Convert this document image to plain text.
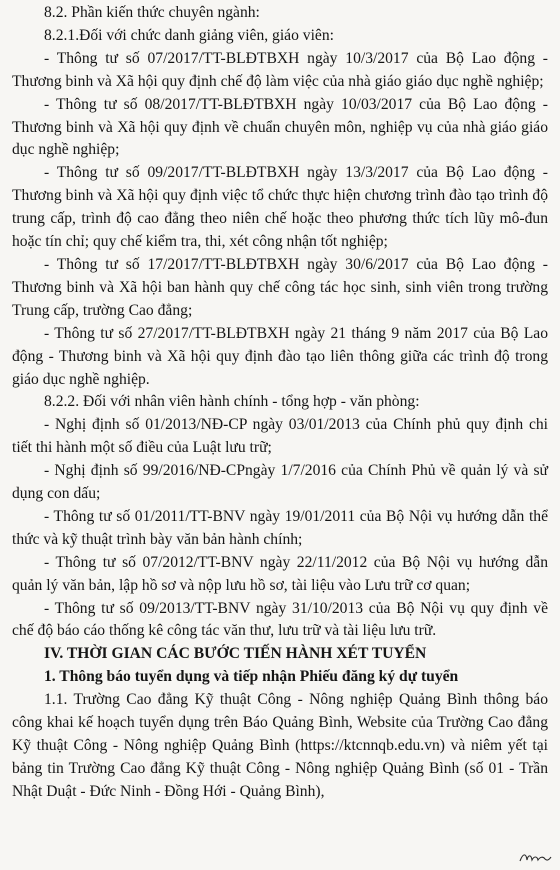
8.2. Phần kiến thức chuyên ngành:

8.2.1.Đối với chức danh giảng viên, giáo viên:

- Thông tư số 07/2017/TT-BLĐTBXH ngày 10/3/2017 của Bộ Lao động - Thương binh và Xã hội quy định chế độ làm việc của nhà giáo giáo dục nghề nghiệp;

- Thông tư số 08/2017/TT-BLĐTBXH ngày 10/03/2017 của Bộ Lao động - Thương binh và Xã hội quy định về chuẩn chuyên môn, nghiệp vụ của nhà giáo giáo dục nghề nghiệp;

- Thông tư số 09/2017/TT-BLĐTBXH ngày 13/3/2017 của Bộ Lao động - Thương binh và Xã hội quy định việc tổ chức thực hiện chương trình đào tạo trình độ trung cấp, trình độ cao đẳng theo niên chế hoặc theo phương thức tích lũy mô-đun hoặc tín chỉ; quy chế kiểm tra, thi, xét công nhận tốt nghiệp;

- Thông tư số 17/2017/TT-BLĐTBXH ngày 30/6/2017 của Bộ Lao động - Thương binh và Xã hội ban hành quy chế công tác học sinh, sinh viên trong trường Trung cấp, trường Cao đẳng;

- Thông tư số 27/2017/TT-BLĐTBXH ngày 21 tháng 9 năm 2017 của Bộ Lao động - Thương binh và Xã hội quy định đào tạo liên thông giữa các trình độ trong giáo dục nghề nghiệp.

8.2.2. Đối với nhân viên hành chính - tổng hợp - văn phòng:

- Nghị định số 01/2013/NĐ-CP ngày 03/01/2013 của Chính phủ quy định chi tiết thi hành một số điều của Luật lưu trữ;

- Nghị định số 99/2016/NĐ-CPngày 1/7/2016 của Chính Phủ về quản lý và sử dụng con dấu;

- Thông tư số 01/2011/TT-BNV ngày 19/01/2011 của Bộ Nội vụ hướng dẫn thể thức và kỹ thuật trình bày văn bản hành chính;

- Thông tư số 07/2012/TT-BNV ngày 22/11/2012 của Bộ Nội vụ hướng dẫn quản lý văn bản, lập hồ sơ và nộp lưu hồ sơ, tài liệu vào Lưu trữ cơ quan;

- Thông tư số 09/2013/TT-BNV ngày 31/10/2013 của Bộ Nội vụ quy định về chế độ báo cáo thống kê công tác văn thư, lưu trữ và tài liệu lưu trữ.

IV. THỜI GIAN CÁC BƯỚC TIẾN HÀNH XÉT TUYỂN

1. Thông báo tuyển dụng và tiếp nhận Phiếu đăng ký dự tuyển

1.1. Trường Cao đẳng Kỹ thuật Công - Nông nghiệp Quảng Bình thông báo công khai kế hoạch tuyển dụng trên Báo Quảng Bình, Website của Trường Cao đẳng Kỹ thuật Công - Nông nghiệp Quảng Bình (https://ktcnnqb.edu.vn) và niêm yết tại bảng tin Trường Cao đẳng Kỹ thuật Công - Nông nghiệp Quảng Bình (số 01 - Trần Nhật Duật - Đức Ninh - Đồng Hới - Quảng Bình),
